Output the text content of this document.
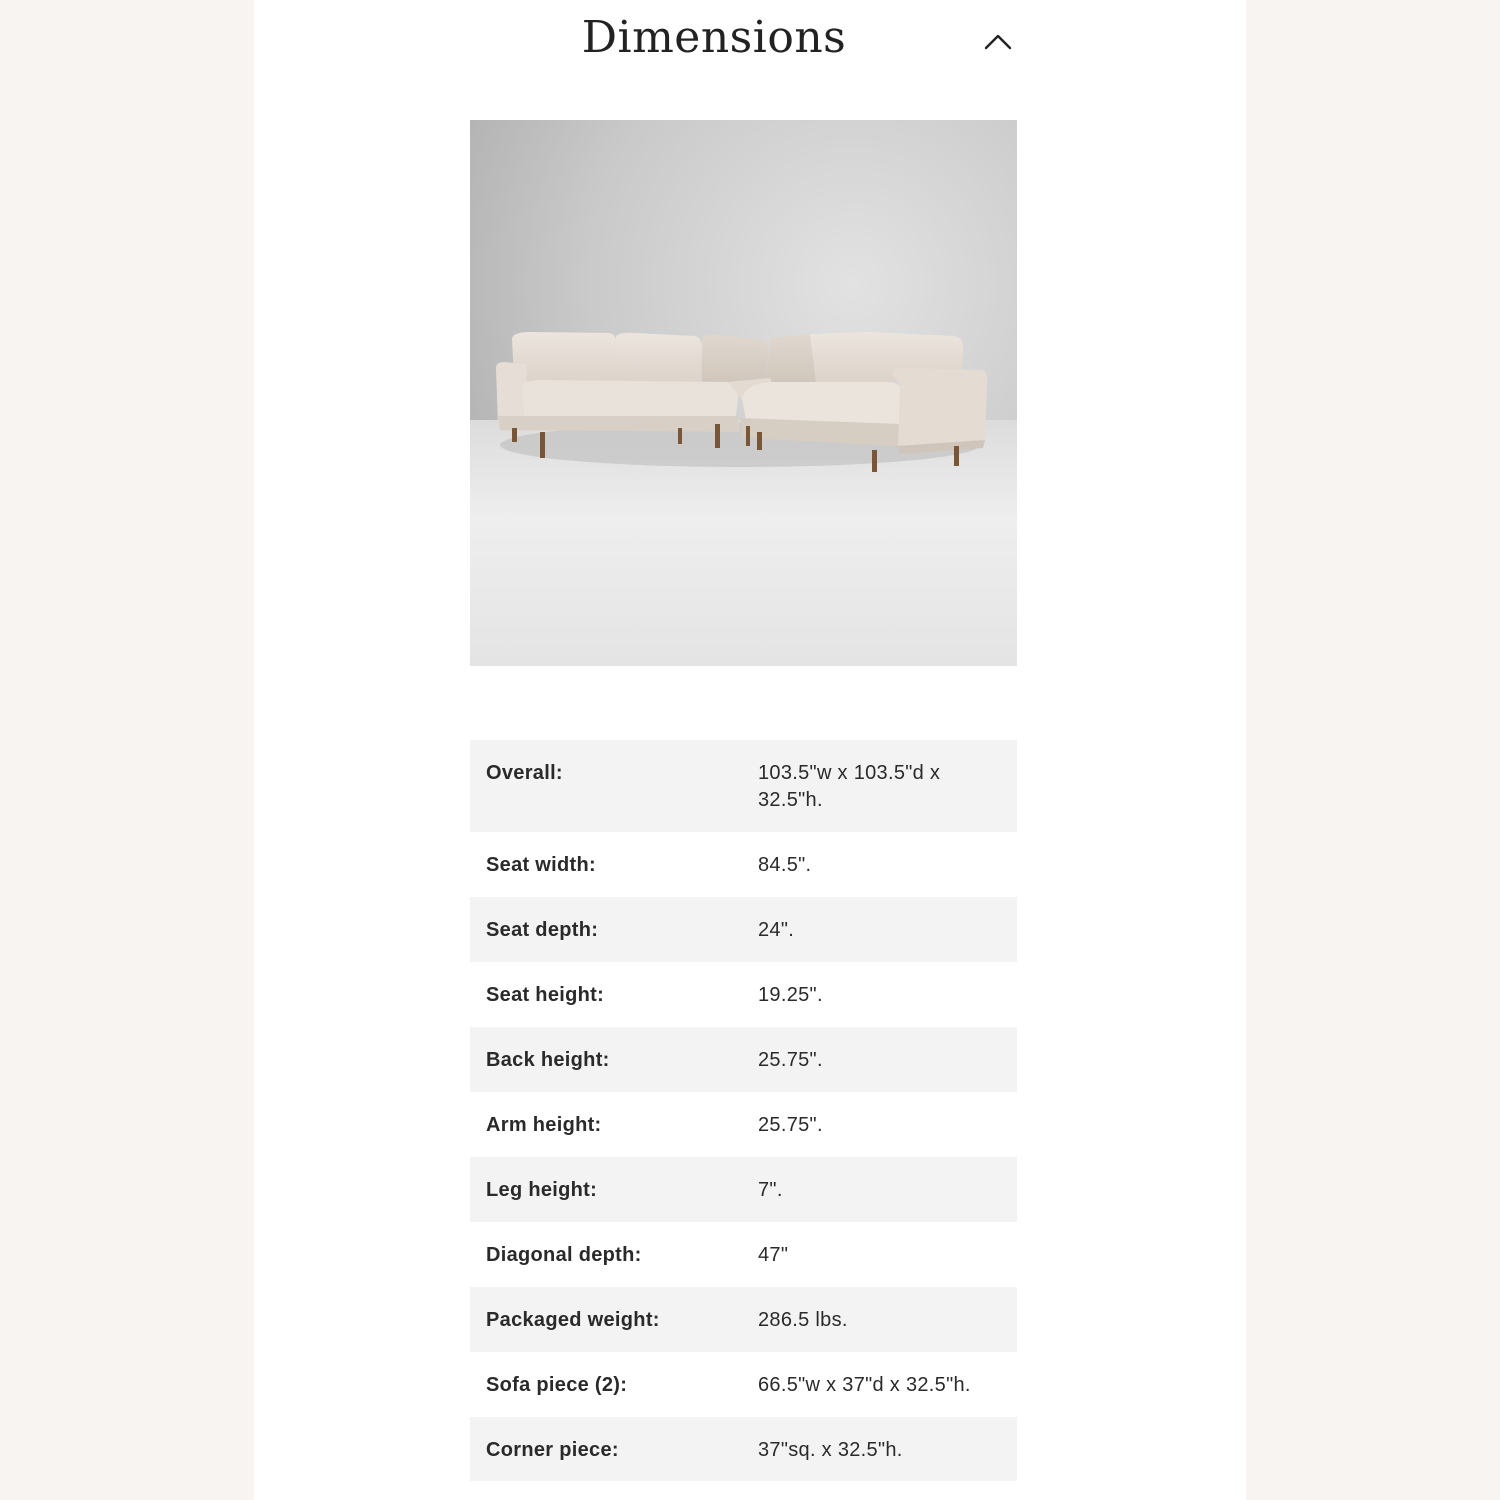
Dimensions
Overall:	103.5"w x 103.5"d x 32.5"h.
Seat width:	84.5".
Seat depth:	24".
Seat height:	19.25".
Back height:	25.75".
Arm height:	25.75".
Leg height:	7".
Diagonal depth:	47"
Packaged weight:	286.5 lbs.
Sofa piece (2):	66.5"w x 37"d x 32.5"h.
Corner piece:	37"sq. x 32.5"h.
